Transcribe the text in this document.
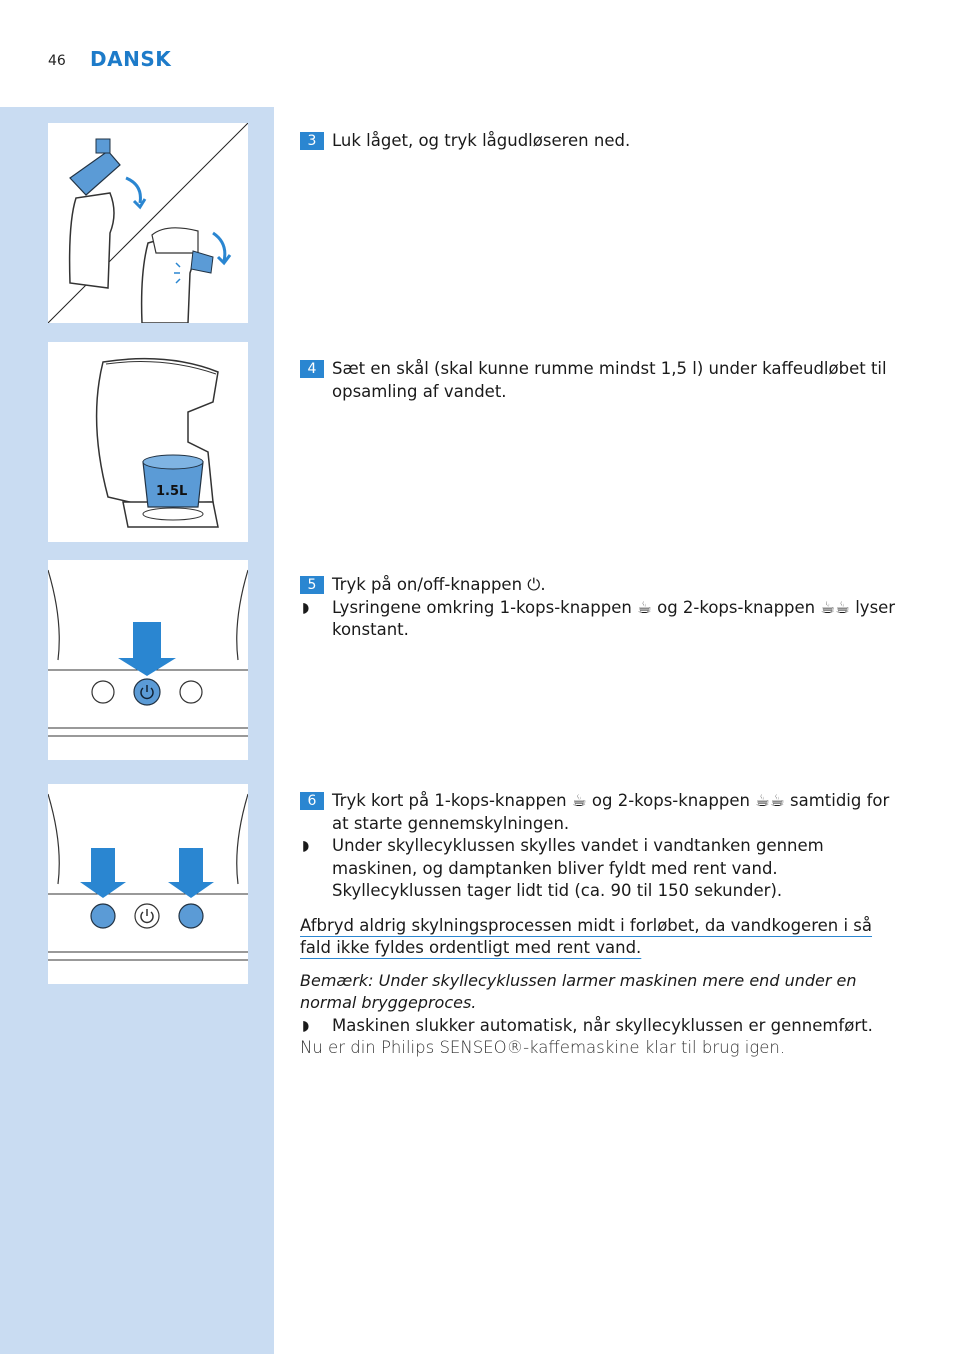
46 DANSK
1.5L
3 Luk låget, og tryk lågudløseren ned.
4 Sæt en skål (skal kunne rumme mindst 1,5 l) under kaffeudløbet til opsamling af vandet.
5 Tryk på on/off-knappen ⏻.
◗ Lysringene omkring 1-kops-knappen ☕ og 2-kops-knappen ☕☕ lyser konstant.
6 Tryk kort på 1-kops-knappen ☕ og 2-kops-knappen ☕☕ samtidig for at starte gennemskylningen.
◗ Under skyllecyklussen skylles vandet i vandtanken gennem maskinen, og damptanken bliver fyldt med rent vand. Skyllecyklussen tager lidt tid (ca. 90 til 150 sekunder).
Afbryd aldrig skylningsprocessen midt i forløbet, da vandkogeren i så fald ikke fyldes ordentligt med rent vand.
Bemærk: Under skyllecyklussen larmer maskinen mere end under en normal bryggeproces.
◗ Maskinen slukker automatisk, når skyllecyklussen er gennemført.
Nu er din Philips SENSEO®-kaffemaskine klar til brug igen.
